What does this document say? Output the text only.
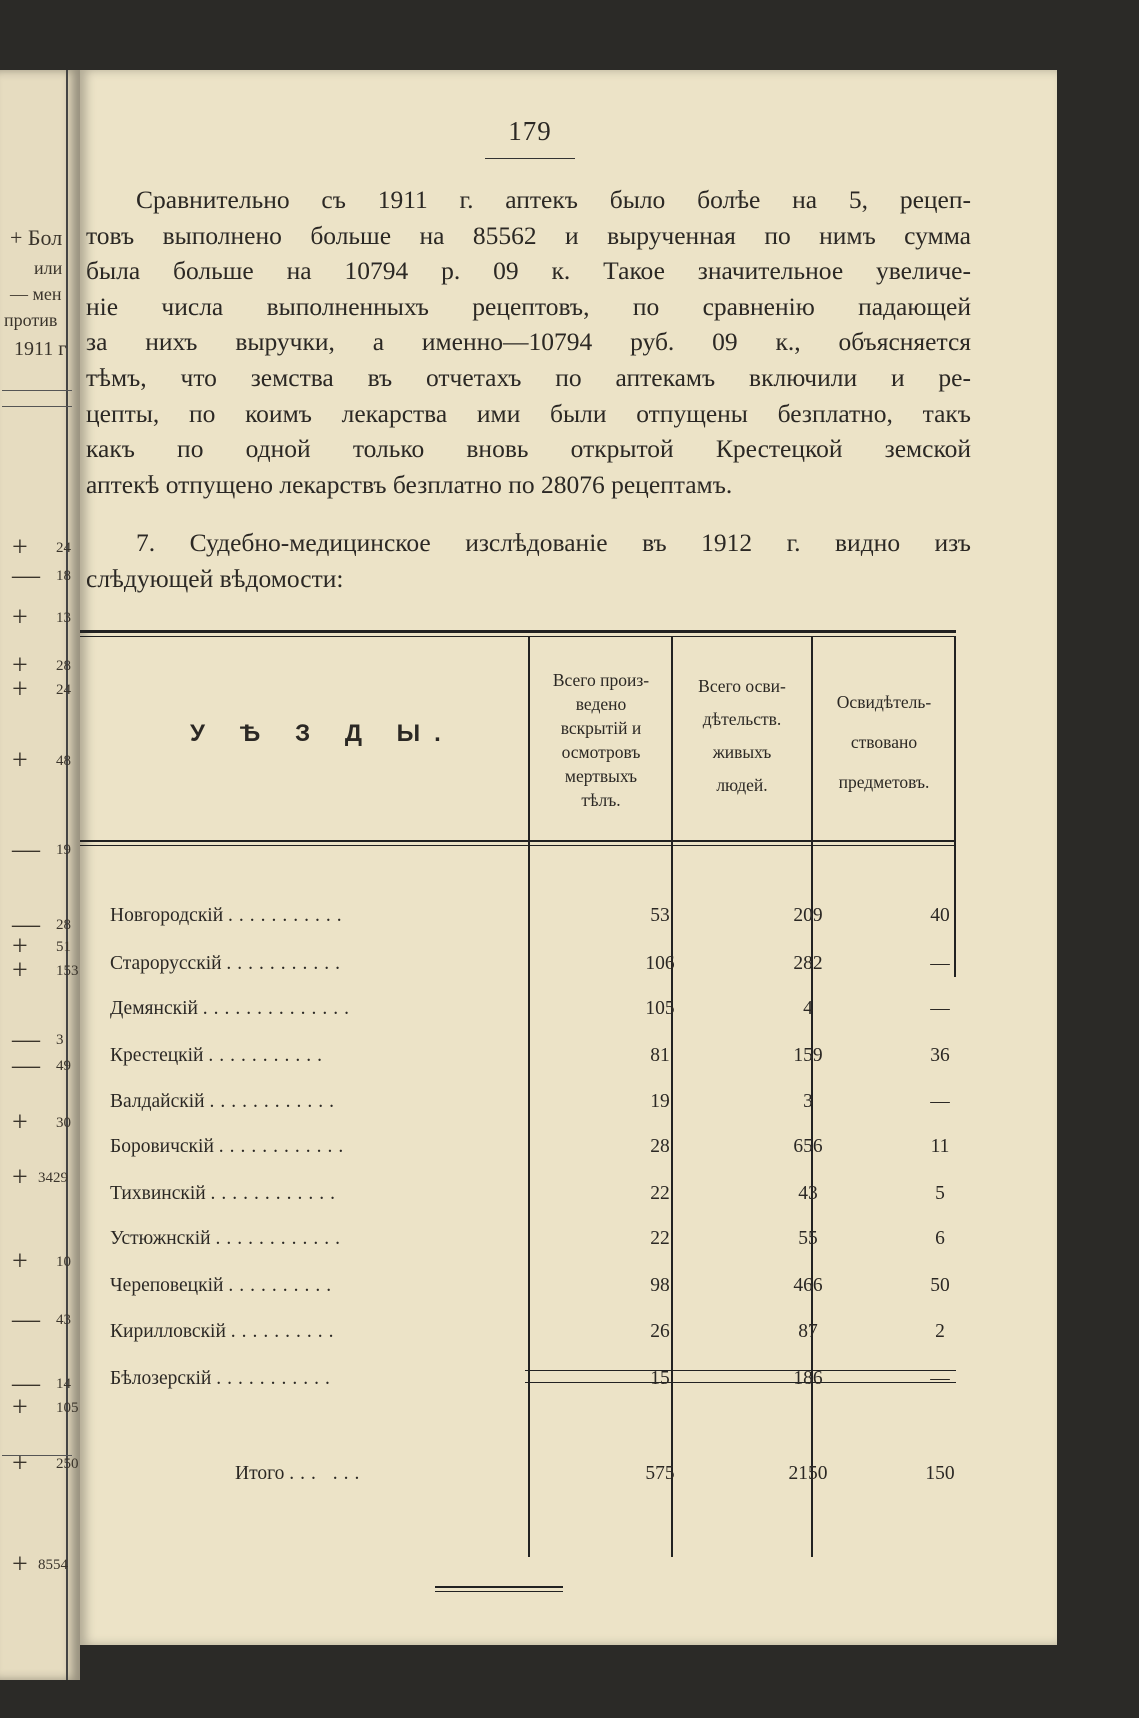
+ Бол
или
— мен
против
1911 г
+ 24
— 18
+ 13
+ 28
+ 24
+ 48
— 19
— 28
+ 51
+ 153
— 3
— 49
+ 30
+ 3429
+ 10
— 43
— 14
+ 105
+ 250
+ 8554
179
Сравнительно съ 1911 г. аптекъ было болѣе на 5, рецеп-
товъ выполнено больше на 85562 и вырученная по нимъ сумма
была больше на 10794 р. 09 к. Такое значительное увеличе-
ніе числа выполненныхъ рецептовъ, по сравненію падающей
за нихъ выручки, а именно—10794 руб. 09 к., объясняется
тѣмъ, что земства въ отчетахъ по аптекамъ включили и ре-
цепты, по коимъ лекарства ими были отпущены безплатно, такъ
какъ по одной только вновь открытой Крестецкой земской
аптекѣ отпущено лекарствъ безплатно по 28076 рецептамъ.
7. Судебно-медицинское изслѣдованіе въ 1912 г. видно изъ
слѣдующей вѣдомости:
У Ѣ З Д Ы.
Всего произ-
ведено
вскрытій и
осмотровъ
мертвыхъ
тѣлъ.
Всего осви-
дѣтельств.
живыхъ
людей.
Освидѣтель-
ствовано
предметовъ.
Новгородскій ...........	53	209	40
Старорусскій ...........	106	282	—
Демянскій ..............	105	4	—
Крестецкій ...........	81	159	36
Валдайскій ............	19	3	—
Боровичскій ............	28	656	11
Тихвинскій ............	22	43	5
Устюжнскій ............	22	55	6
Череповецкій ..........	98	466	50
Кирилловскій ..........	26	87	2
Бѣлозерскій ...........	15	186	—
Итого ... ...	575	2150	150
